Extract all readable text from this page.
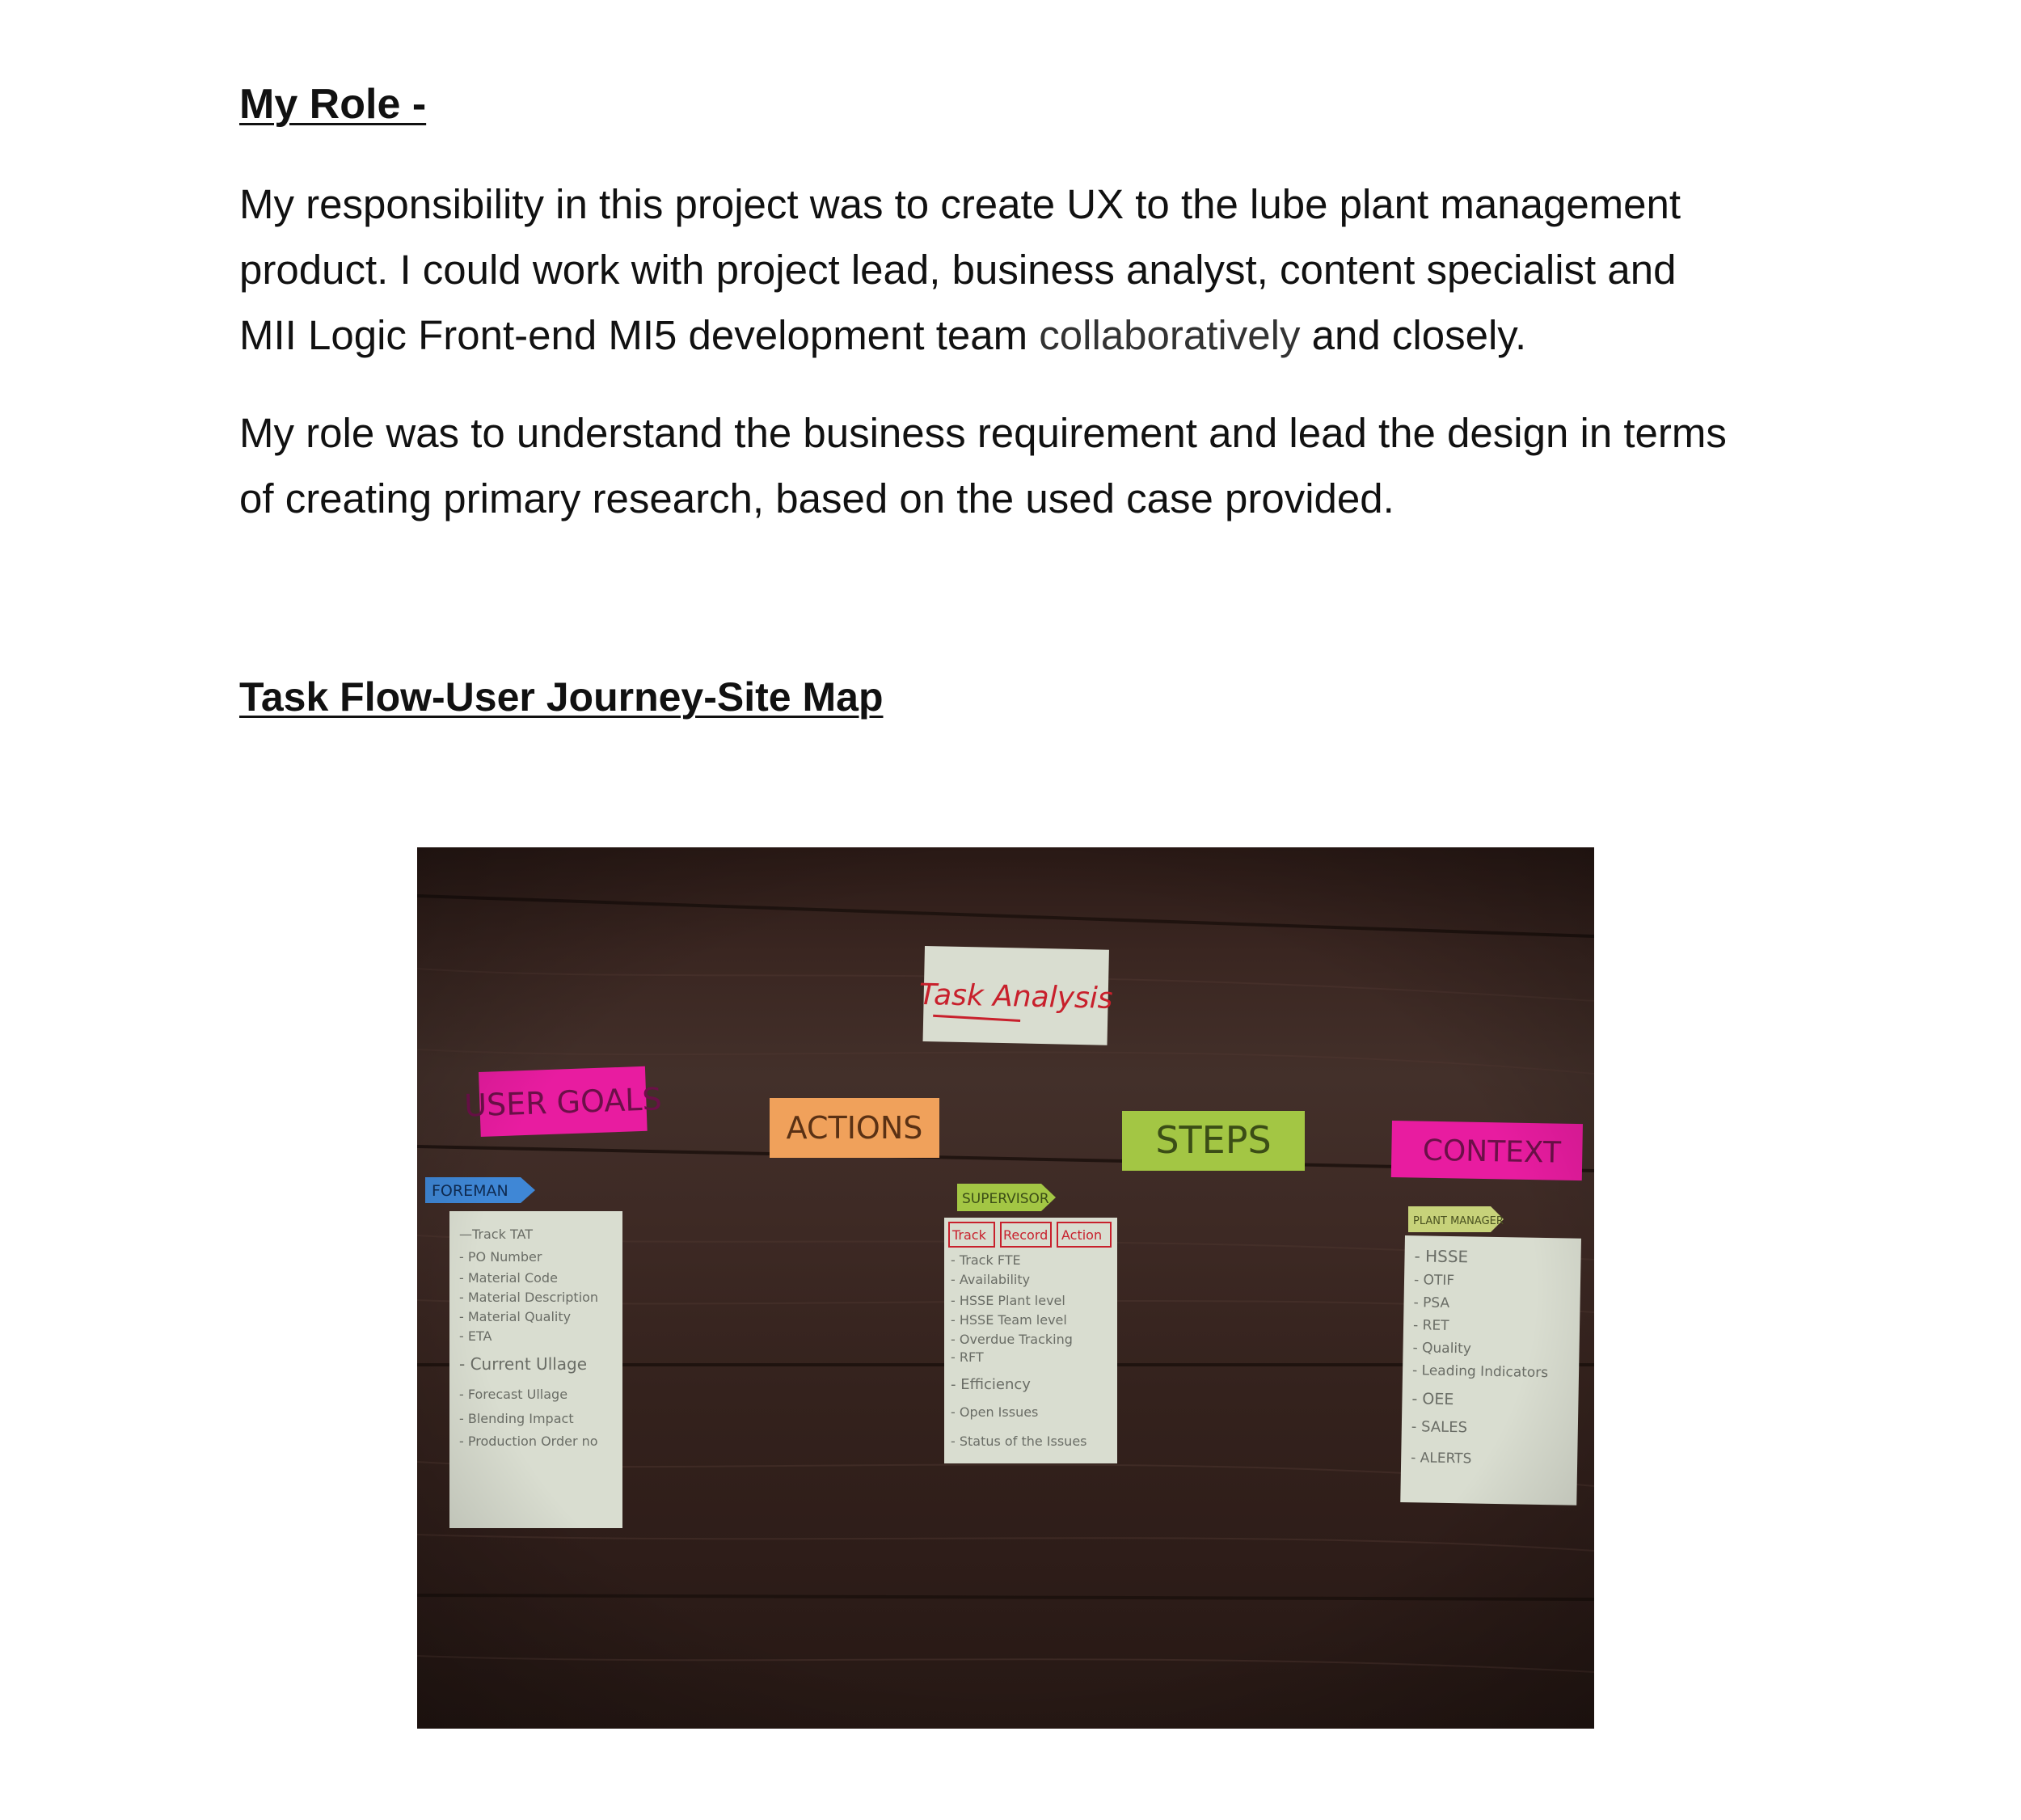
My Role -

My responsibility in this project was to create UX to the lube plant management
product. I could work with project lead, business analyst, content specialist and
MII Logic Front-end MI5 development team collaboratively and closely.

My role was to understand the business requirement and lead the design in terms
of creating primary research, based on the used case provided.

Task Flow-User Journey-Site Map
